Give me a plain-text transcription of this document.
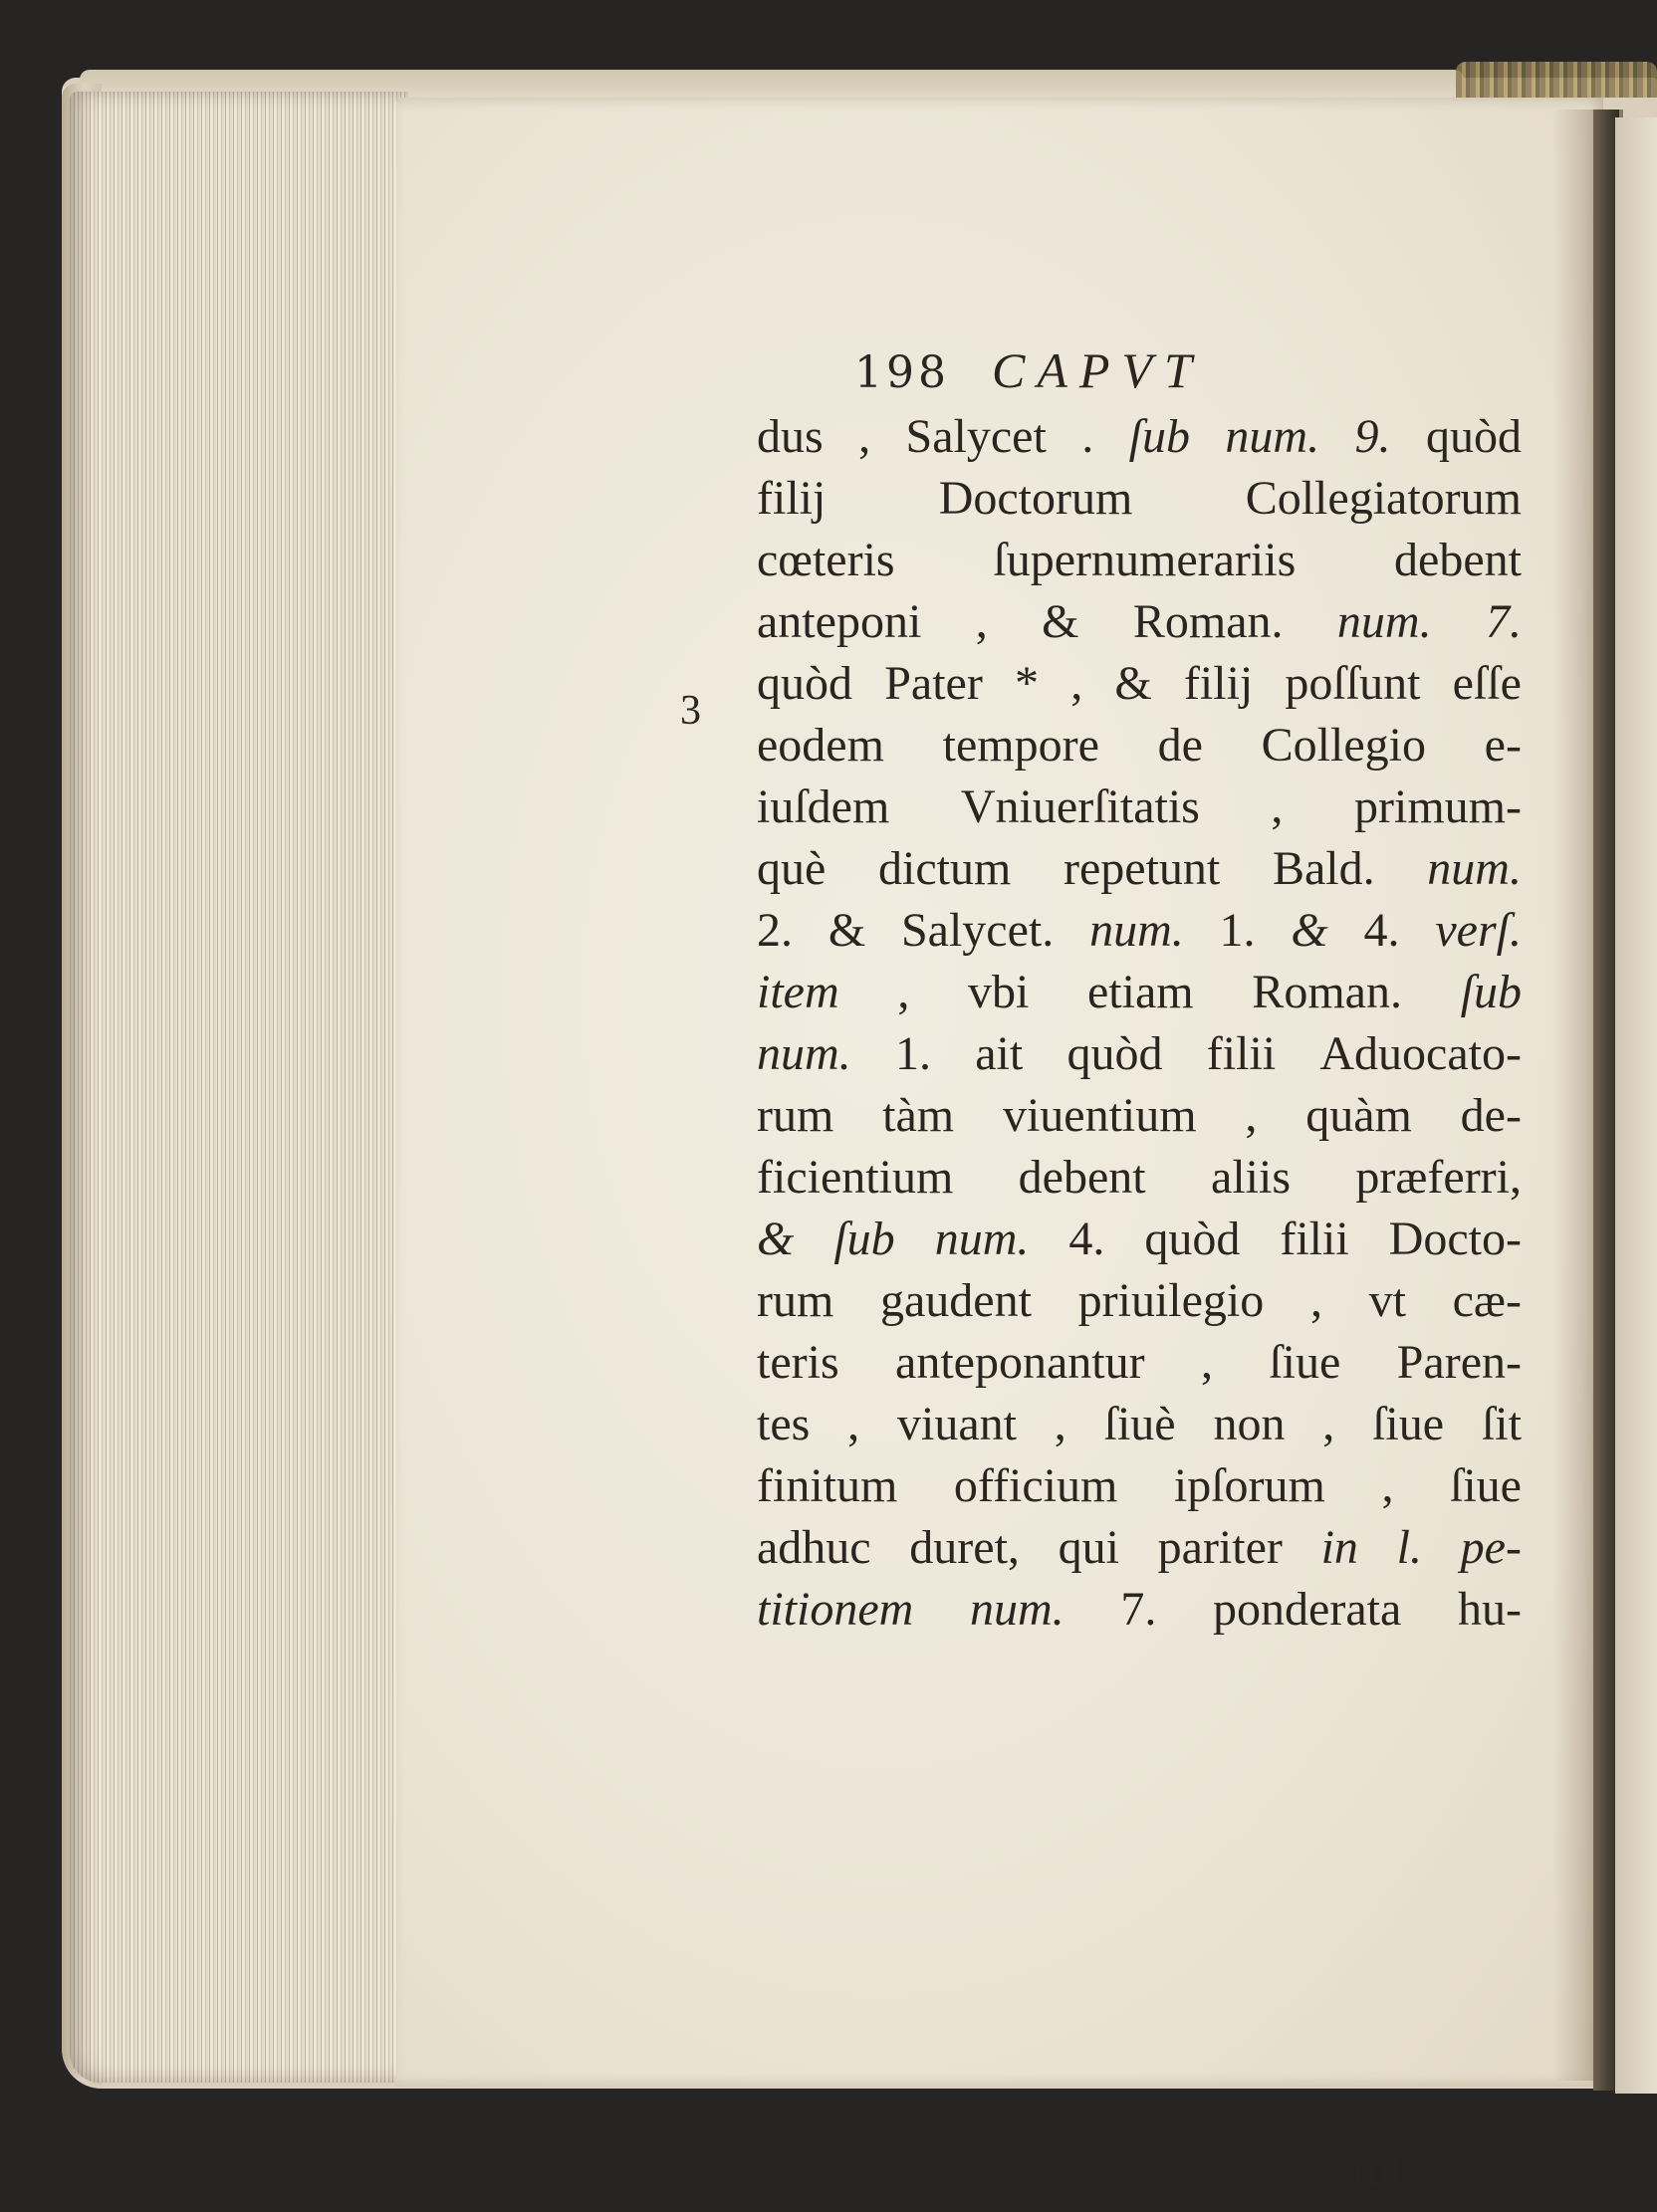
198 CAPVT
3
dus , Salycet . ſub num. 9. quòd
filij Doctorum Collegiatorum
cœteris ſupernumerariis debent
anteponi , & Roman. num. 7.
quòd Pater * , & filij poſſunt eſſe
eodem tempore de Collegio e-
iuſdem Vniuerſitatis , primum-
què dictum repetunt Bald. num.
2. & Salycet. num. 1. & 4. verſ.
item , vbi etiam Roman. ſub
num. 1. ait quòd filii Aduocato-
rum tàm viuentium , quàm de-
ficientium debent aliis præferri,
& ſub num. 4. quòd filii Docto-
rum gaudent priuilegio , vt cæ-
teris anteponantur , ſiue Paren-
tes , viuant , ſiuè non , ſiue ſit
finitum officium ipſorum , ſiue
adhuc duret, qui pariter in l. pe-
titionem num. 7. ponderata hu-
iuſ-
